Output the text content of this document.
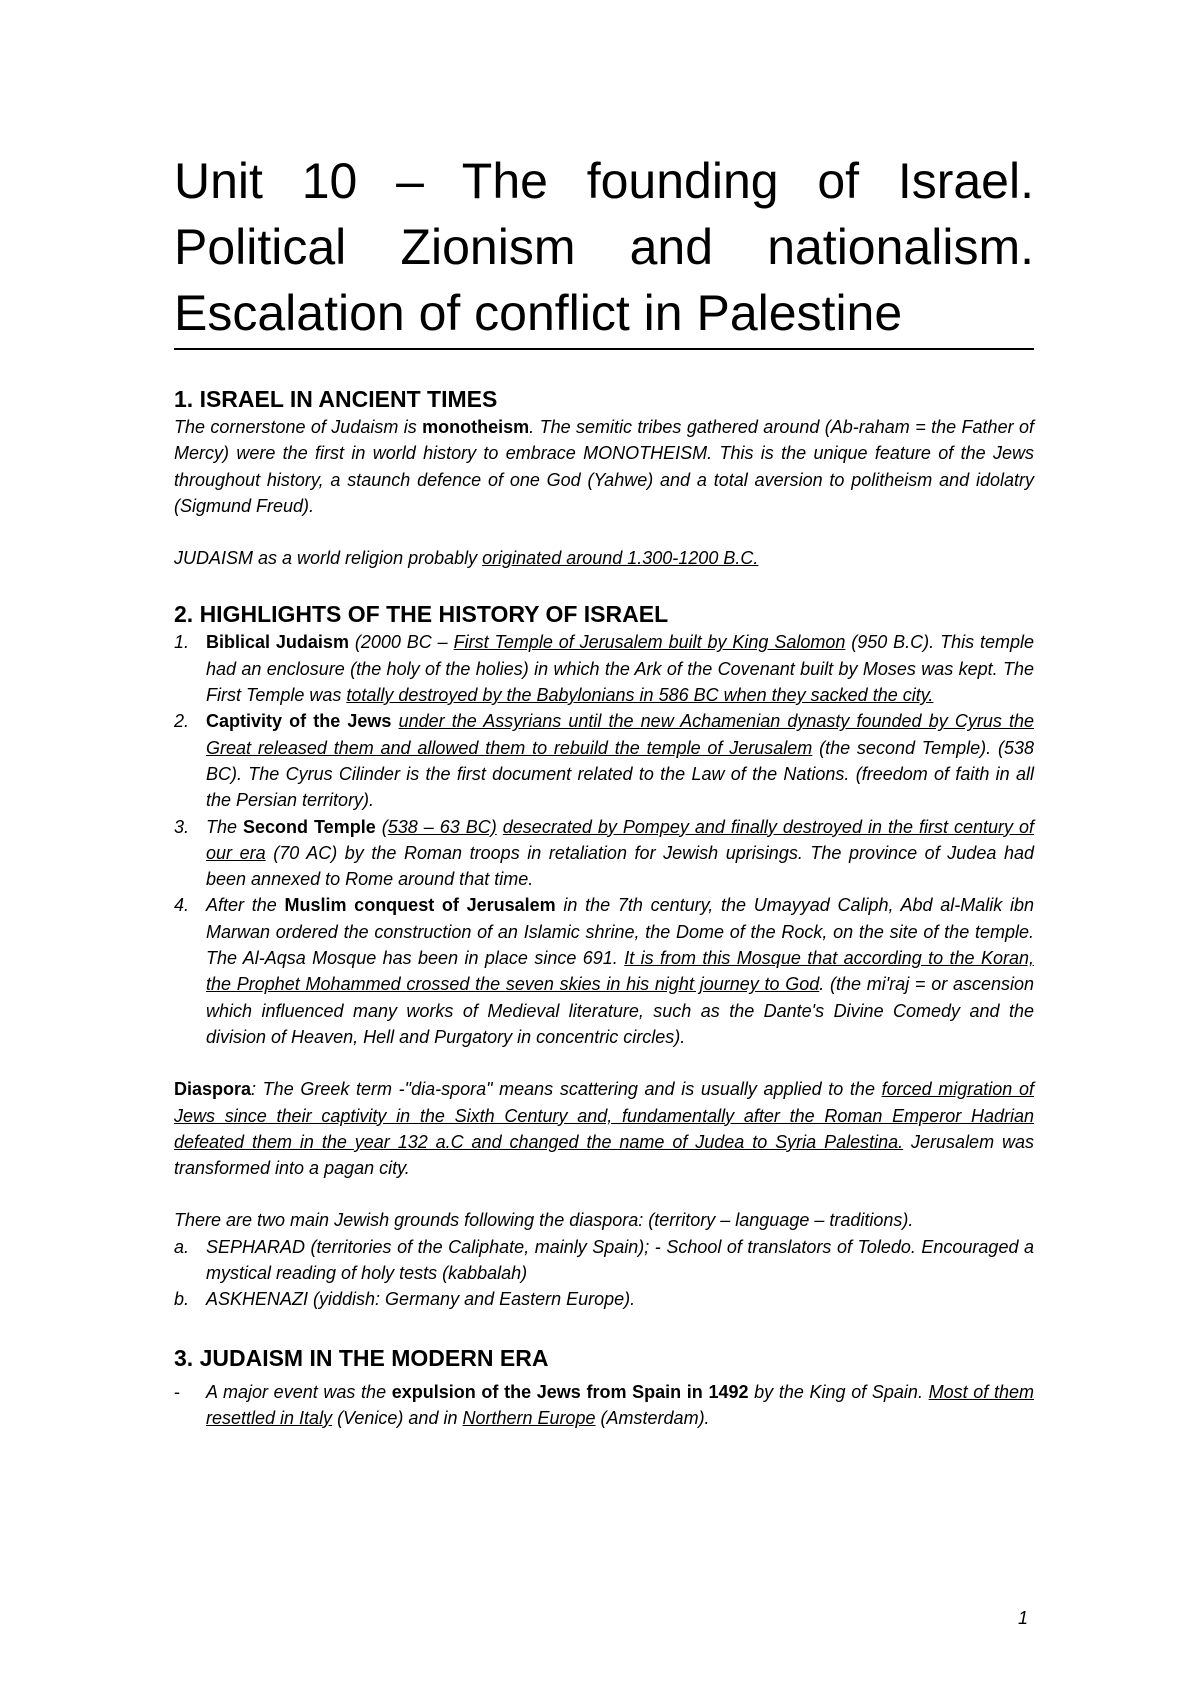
Unit 10 – The founding of Israel. Political Zionism and nationalism. Escalation of conflict in Palestine
1. ISRAEL IN ANCIENT TIMES

The cornerstone of Judaism is monotheism. The semitic tribes gathered around (Ab-raham = the Father of Mercy) were the first in world history to embrace MONOTHEISM. This is the unique feature of the Jews throughout history, a staunch defence of one God (Yahwe) and a total aversion to politheism and idolatry (Sigmund Freud).

JUDAISM as a world religion probably originated around 1.300-1200 B.C.

2. HIGHLIGHTS OF THE HISTORY OF ISRAEL
1. Biblical Judaism (2000 BC – First Temple of Jerusalem built by King Salomon (950 B.C). This temple had an enclosure (the holy of the holies) in which the Ark of the Covenant built by Moses was kept. The First Temple was totally destroyed by the Babylonians in 586 BC when they sacked the city.
2. Captivity of the Jews under the Assyrians until the new Achamenian dynasty founded by Cyrus the Great released them and allowed them to rebuild the temple of Jerusalem (the second Temple). (538 BC). The Cyrus Cilinder is the first document related to the Law of the Nations. (freedom of faith in all the Persian territory).
3. The Second Temple (538 – 63 BC) desecrated by Pompey and finally destroyed in the first century of our era (70 AC) by the Roman troops in retaliation for Jewish uprisings. The province of Judea had been annexed to Rome around that time.
4. After the Muslim conquest of Jerusalem in the 7th century, the Umayyad Caliph, Abd al-Malik ibn Marwan ordered the construction of an Islamic shrine, the Dome of the Rock, on the site of the temple. The Al-Aqsa Mosque has been in place since 691. It is from this Mosque that according to the Koran, the Prophet Mohammed crossed the seven skies in his night journey to God. (the mi'raj = or ascension which influenced many works of Medieval literature, such as the Dante's Divine Comedy and the division of Heaven, Hell and Purgatory in concentric circles).

Diaspora: The Greek term -"dia-spora" means scattering and is usually applied to the forced migration of Jews since their captivity in the Sixth Century and, fundamentally after the Roman Emperor Hadrian defeated them in the year 132 a.C and changed the name of Judea to Syria Palestina. Jerusalem was transformed into a pagan city.

There are two main Jewish grounds following the diaspora: (territory – language – traditions).

a. SEPHARAD (territories of the Caliphate, mainly Spain); - School of translators of Toledo. Encouraged a mystical reading of holy tests (kabbalah)
b. ASKHENAZI (yiddish: Germany and Eastern Europe).
3. JUDAISM IN THE MODERN ERA
- A major event was the expulsion of the Jews from Spain in 1492 by the King of Spain. Most of them resettled in Italy (Venice) and in Northern Europe (Amsterdam).
1
